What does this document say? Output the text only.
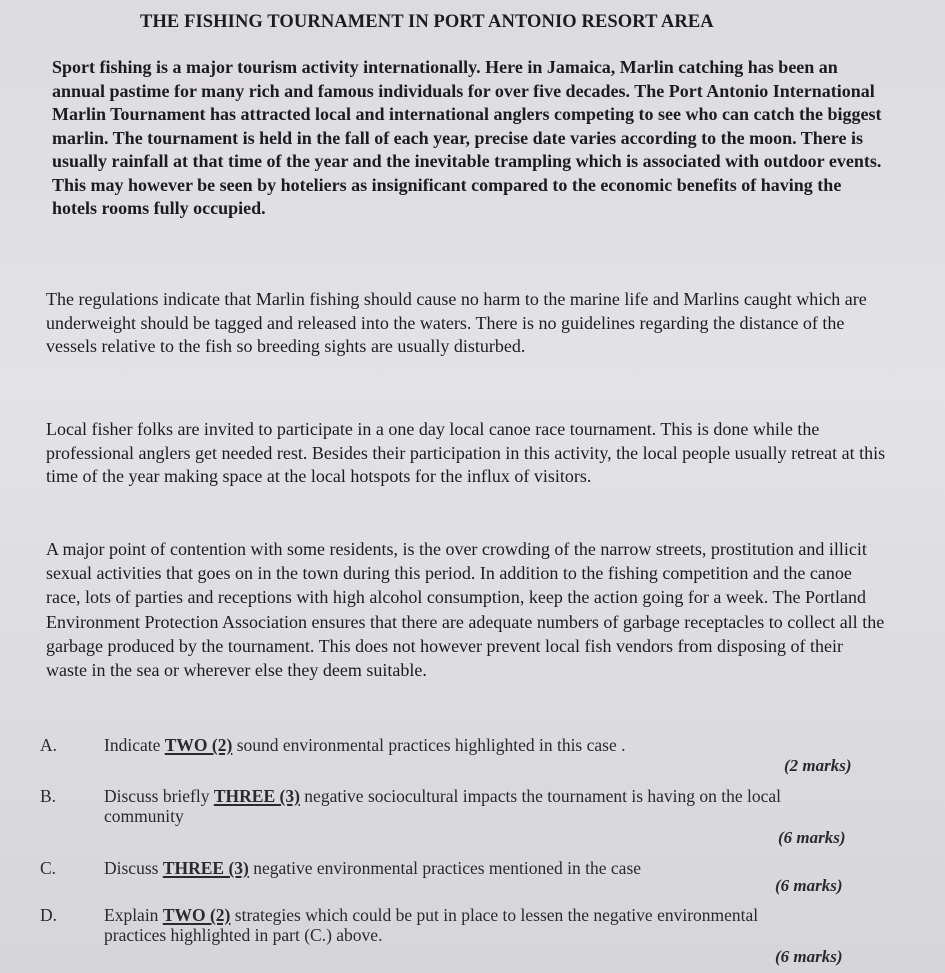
THE FISHING TOURNAMENT IN PORT ANTONIO RESORT AREA

Sport fishing is a major tourism activity internationally. Here in Jamaica, Marlin catching has been an annual pastime for many rich and famous individuals for over five decades. The Port Antonio International Marlin Tournament has attracted local and international anglers competing to see who can catch the biggest marlin. The tournament is held in the fall of each year, precise date varies according to the moon. There is usually rainfall at that time of the year and the inevitable trampling which is associated with outdoor events. This may however be seen by hoteliers as insignificant compared to the economic benefits of having the hotels rooms fully occupied.

The regulations indicate that Marlin fishing should cause no harm to the marine life and Marlins caught which are underweight should be tagged and released into the waters. There is no guidelines regarding the distance of the vessels relative to the fish so breeding sights are usually disturbed.

Local fisher folks are invited to participate in a one day local canoe race tournament. This is done while the professional anglers get needed rest. Besides their participation in this activity, the local people usually retreat at this time of the year making space at the local hotspots for the influx of visitors.

A major point of contention with some residents, is the over crowding of the narrow streets, prostitution and illicit sexual activities that goes on in the town during this period. In addition to the fishing competition and the canoe race, lots of parties and receptions with high alcohol consumption, keep the action going for a week. The Portland Environment Protection Association ensures that there are adequate numbers of garbage receptacles to collect all the garbage produced by the tournament. This does not however prevent local fish vendors from disposing of their waste in the sea or wherever else they deem suitable.

A.	Indicate TWO (2) sound environmental practices highlighted in this case .
(2 marks)
B.	Discuss briefly THREE (3) negative sociocultural impacts the tournament is having on the local community
(6 marks)
C.	Discuss THREE (3) negative environmental practices mentioned in the case
(6 marks)
D.	Explain TWO (2) strategies which could be put in place to lessen the negative environmental practices highlighted in part (C.) above.
(6 marks)
